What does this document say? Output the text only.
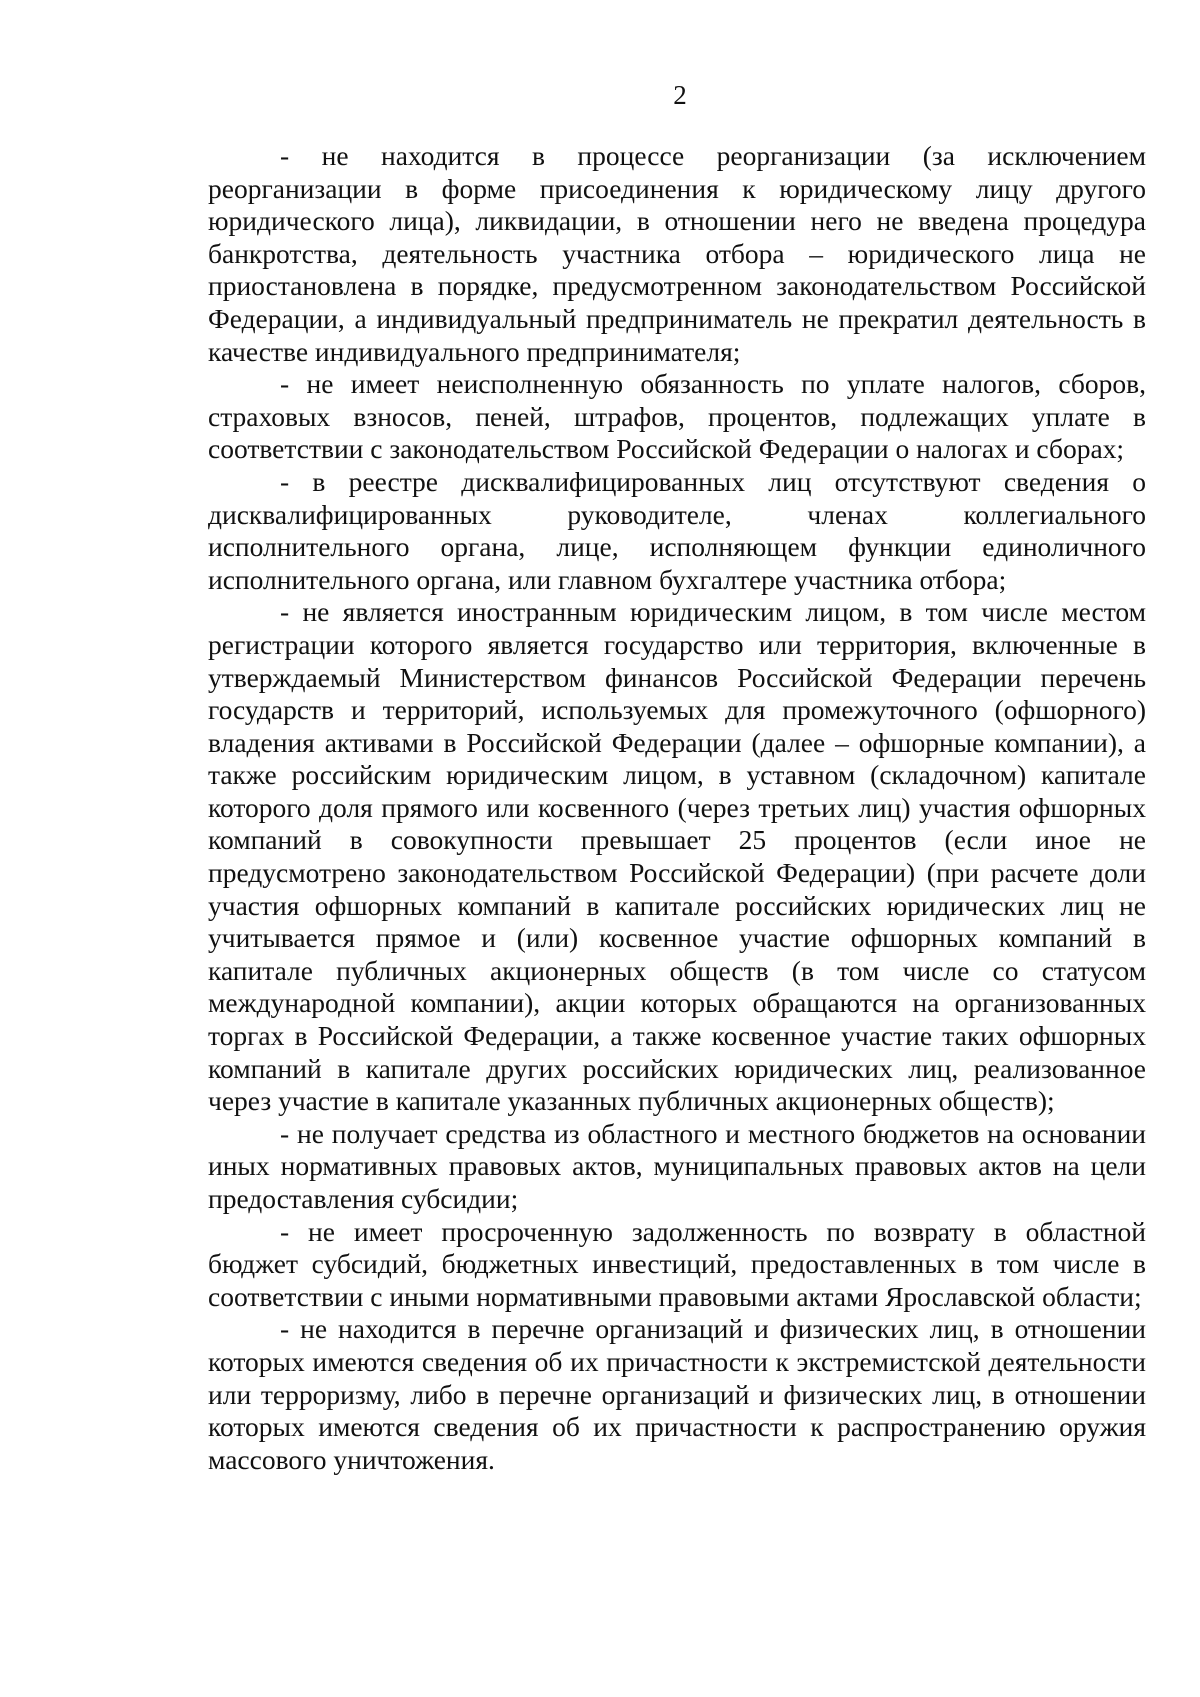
2

- не находится в процессе реорганизации (за исключением реорганизации в форме присоединения к юридическому лицу другого юридического лица), ликвидации, в отношении него не введена процедура банкротства, деятельность участника отбора – юридического лица не приостановлена в порядке, предусмотренном законодательством Российской Федерации, а индивидуальный предприниматель не прекратил деятельность в качестве индивидуального предпринимателя;

- не имеет неисполненную обязанность по уплате налогов, сборов, страховых взносов, пеней, штрафов, процентов, подлежащих уплате в соответствии с законодательством Российской Федерации о налогах и сборах;

- в реестре дисквалифицированных лиц отсутствуют сведения о дисквалифицированных руководителе, членах коллегиального исполнительного органа, лице, исполняющем функции единоличного исполнительного органа, или главном бухгалтере участника отбора;

- не является иностранным юридическим лицом, в том числе местом регистрации которого является государство или территория, включенные в утверждаемый Министерством финансов Российской Федерации перечень государств и территорий, используемых для промежуточного (офшорного) владения активами в Российской Федерации (далее – офшорные компании), а также российским юридическим лицом, в уставном (складочном) капитале которого доля прямого или косвенного (через третьих лиц) участия офшорных компаний в совокупности превышает 25 процентов (если иное не предусмотрено законодательством Российской Федерации) (при расчете доли участия офшорных компаний в капитале российских юридических лиц не учитывается прямое и (или) косвенное участие офшорных компаний в капитале публичных акционерных обществ (в том числе со статусом международной компании), акции которых обращаются на организованных торгах в Российской Федерации, а также косвенное участие таких офшорных компаний в капитале других российских юридических лиц, реализованное через участие в капитале указанных публичных акционерных обществ);

- не получает средства из областного и местного бюджетов на основании иных нормативных правовых актов, муниципальных правовых актов на цели предоставления субсидии;

- не имеет просроченную задолженность по возврату в областной бюджет субсидий, бюджетных инвестиций, предоставленных в том числе в соответствии с иными нормативными правовыми актами Ярославской области;

- не находится в перечне организаций и физических лиц, в отношении которых имеются сведения об их причастности к экстремистской деятельности или терроризму, либо в перечне организаций и физических лиц, в отношении которых имеются сведения об их причастности к распространению оружия массового уничтожения.
